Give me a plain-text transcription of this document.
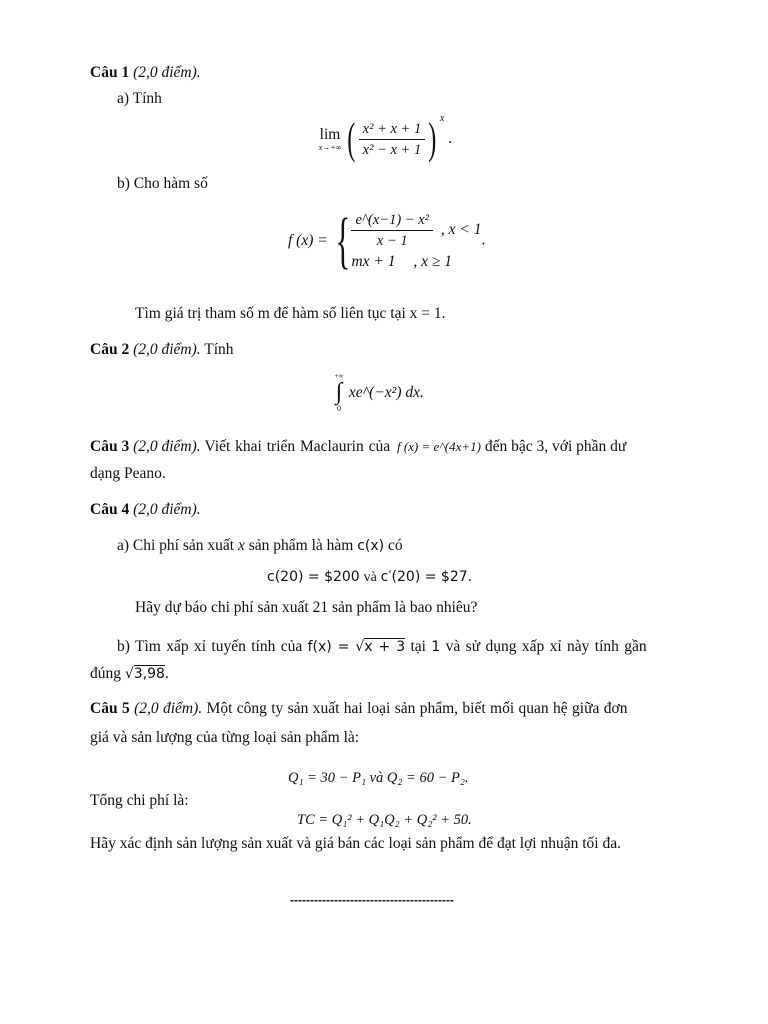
Câu 1 (2,0 điểm).
a) Tính
lim
x→+∞ ( $\frac{\text{x² + x + 1}}{\text{x² − x + 1}}$ ) $^x$ .
b) Cho hàm số
f (x) = { $\frac{\text{e\textasciicircum{}(x−1) − x²}}{x - 1}$ , x < 1
mx + 1 , x ≥ 1
.
Tìm giá trị tham số m để hàm số liên tục tại x = 1.
Câu 2 (2,0 điểm). Tính
+∞
∫
0
xe^(−x²) dx.
Câu 3 (2,0 điểm). Viết khai triển Maclaurin của f (x) = e^(4x+1) đến bậc 3, với phần dư
dạng Peano.
Câu 4 (2,0 điểm).
a) Chi phí sản xuất x sản phẩm là hàm c(x) có
c(20) = $200 và c′(20) = $27.
Hãy dự báo chi phí sản xuất 21 sản phẩm là bao nhiêu?
b) Tìm xấp xỉ tuyến tính của f(x) = √x + 3 tại 1 và sử dụng xấp xỉ này tính gần
đúng √3,98.
Câu 5 (2,0 điểm). Một công ty sản xuất hai loại sản phẩm, biết mối quan hệ giữa đơn
giá và sản lượng của từng loại sản phẩm là:
Q₁ = 30 − P₁ và Q₂ = 60 − P₂.
Tổng chi phí là:
TC = Q₁² + Q₁Q₂ + Q₂² + 50.
Hãy xác định sản lượng sản xuất và giá bán các loại sản phẩm để đạt lợi nhuận tối đa.
-----------------------------------------
